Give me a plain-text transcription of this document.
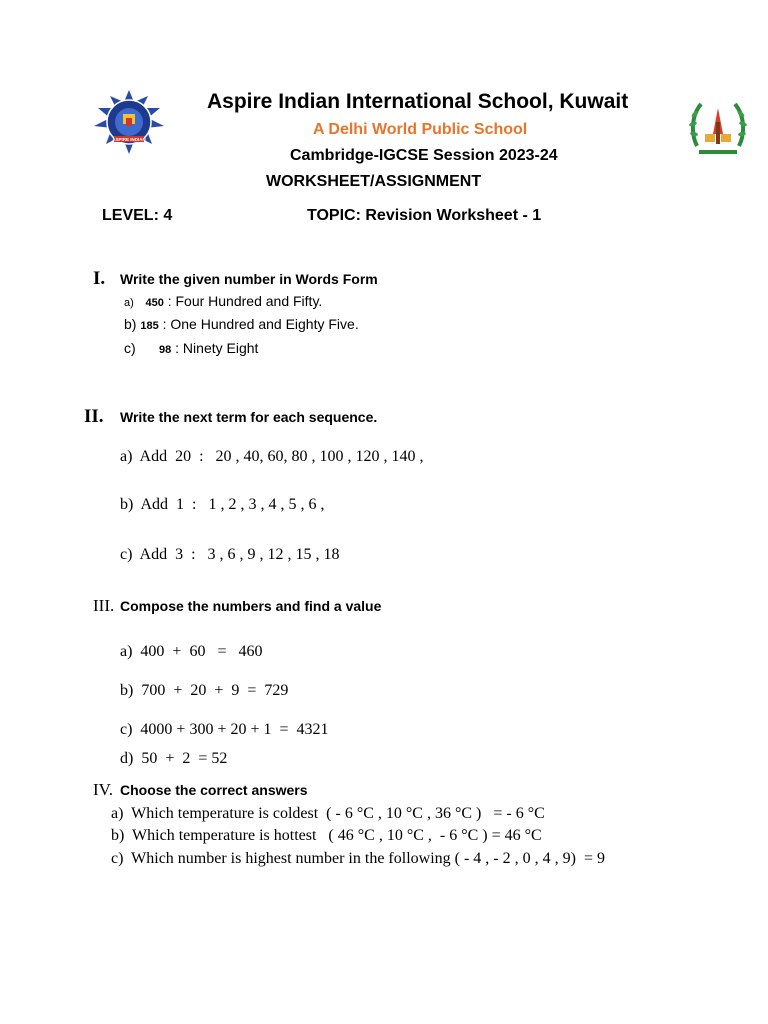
ASPIRE INDIAN
Aspire Indian International School, Kuwait
A Delhi World Public School
Cambridge-IGCSE Session 2023-24
WORKSHEET/ASSIGNMENT
LEVEL: 4	TOPIC: Revision Worksheet - 1
I. Write the given number in Words Form
a) 450 : Four Hundred and Fifty.
b) 185 : One Hundred and Eighty Five.
c) 98 : Ninety Eight
II. Write the next term for each sequence.
a)  Add  20  :   20 , 40, 60, 80 , 100 , 120 , 140 ,
b)  Add  1  :   1 , 2 , 3 , 4 , 5 , 6 ,
c)  Add  3  :   3 , 6 , 9 , 12 , 15 , 18
III. Compose the numbers and find a value
a)  400  +  60   =   460
b)  700  +  20  +  9  =  729
c)  4000 + 300 + 20 + 1  =  4321
d)  50  +  2  = 52
IV. Choose the correct answers
a)  Which temperature is coldest  ( - 6 °C , 10 °C , 36 °C )   = - 6 °C
b)  Which temperature is hottest   ( 46 °C , 10 °C ,  - 6 °C ) = 46 °C
c)  Which number is highest number in the following ( - 4 , - 2 , 0 , 4 , 9)  = 9
